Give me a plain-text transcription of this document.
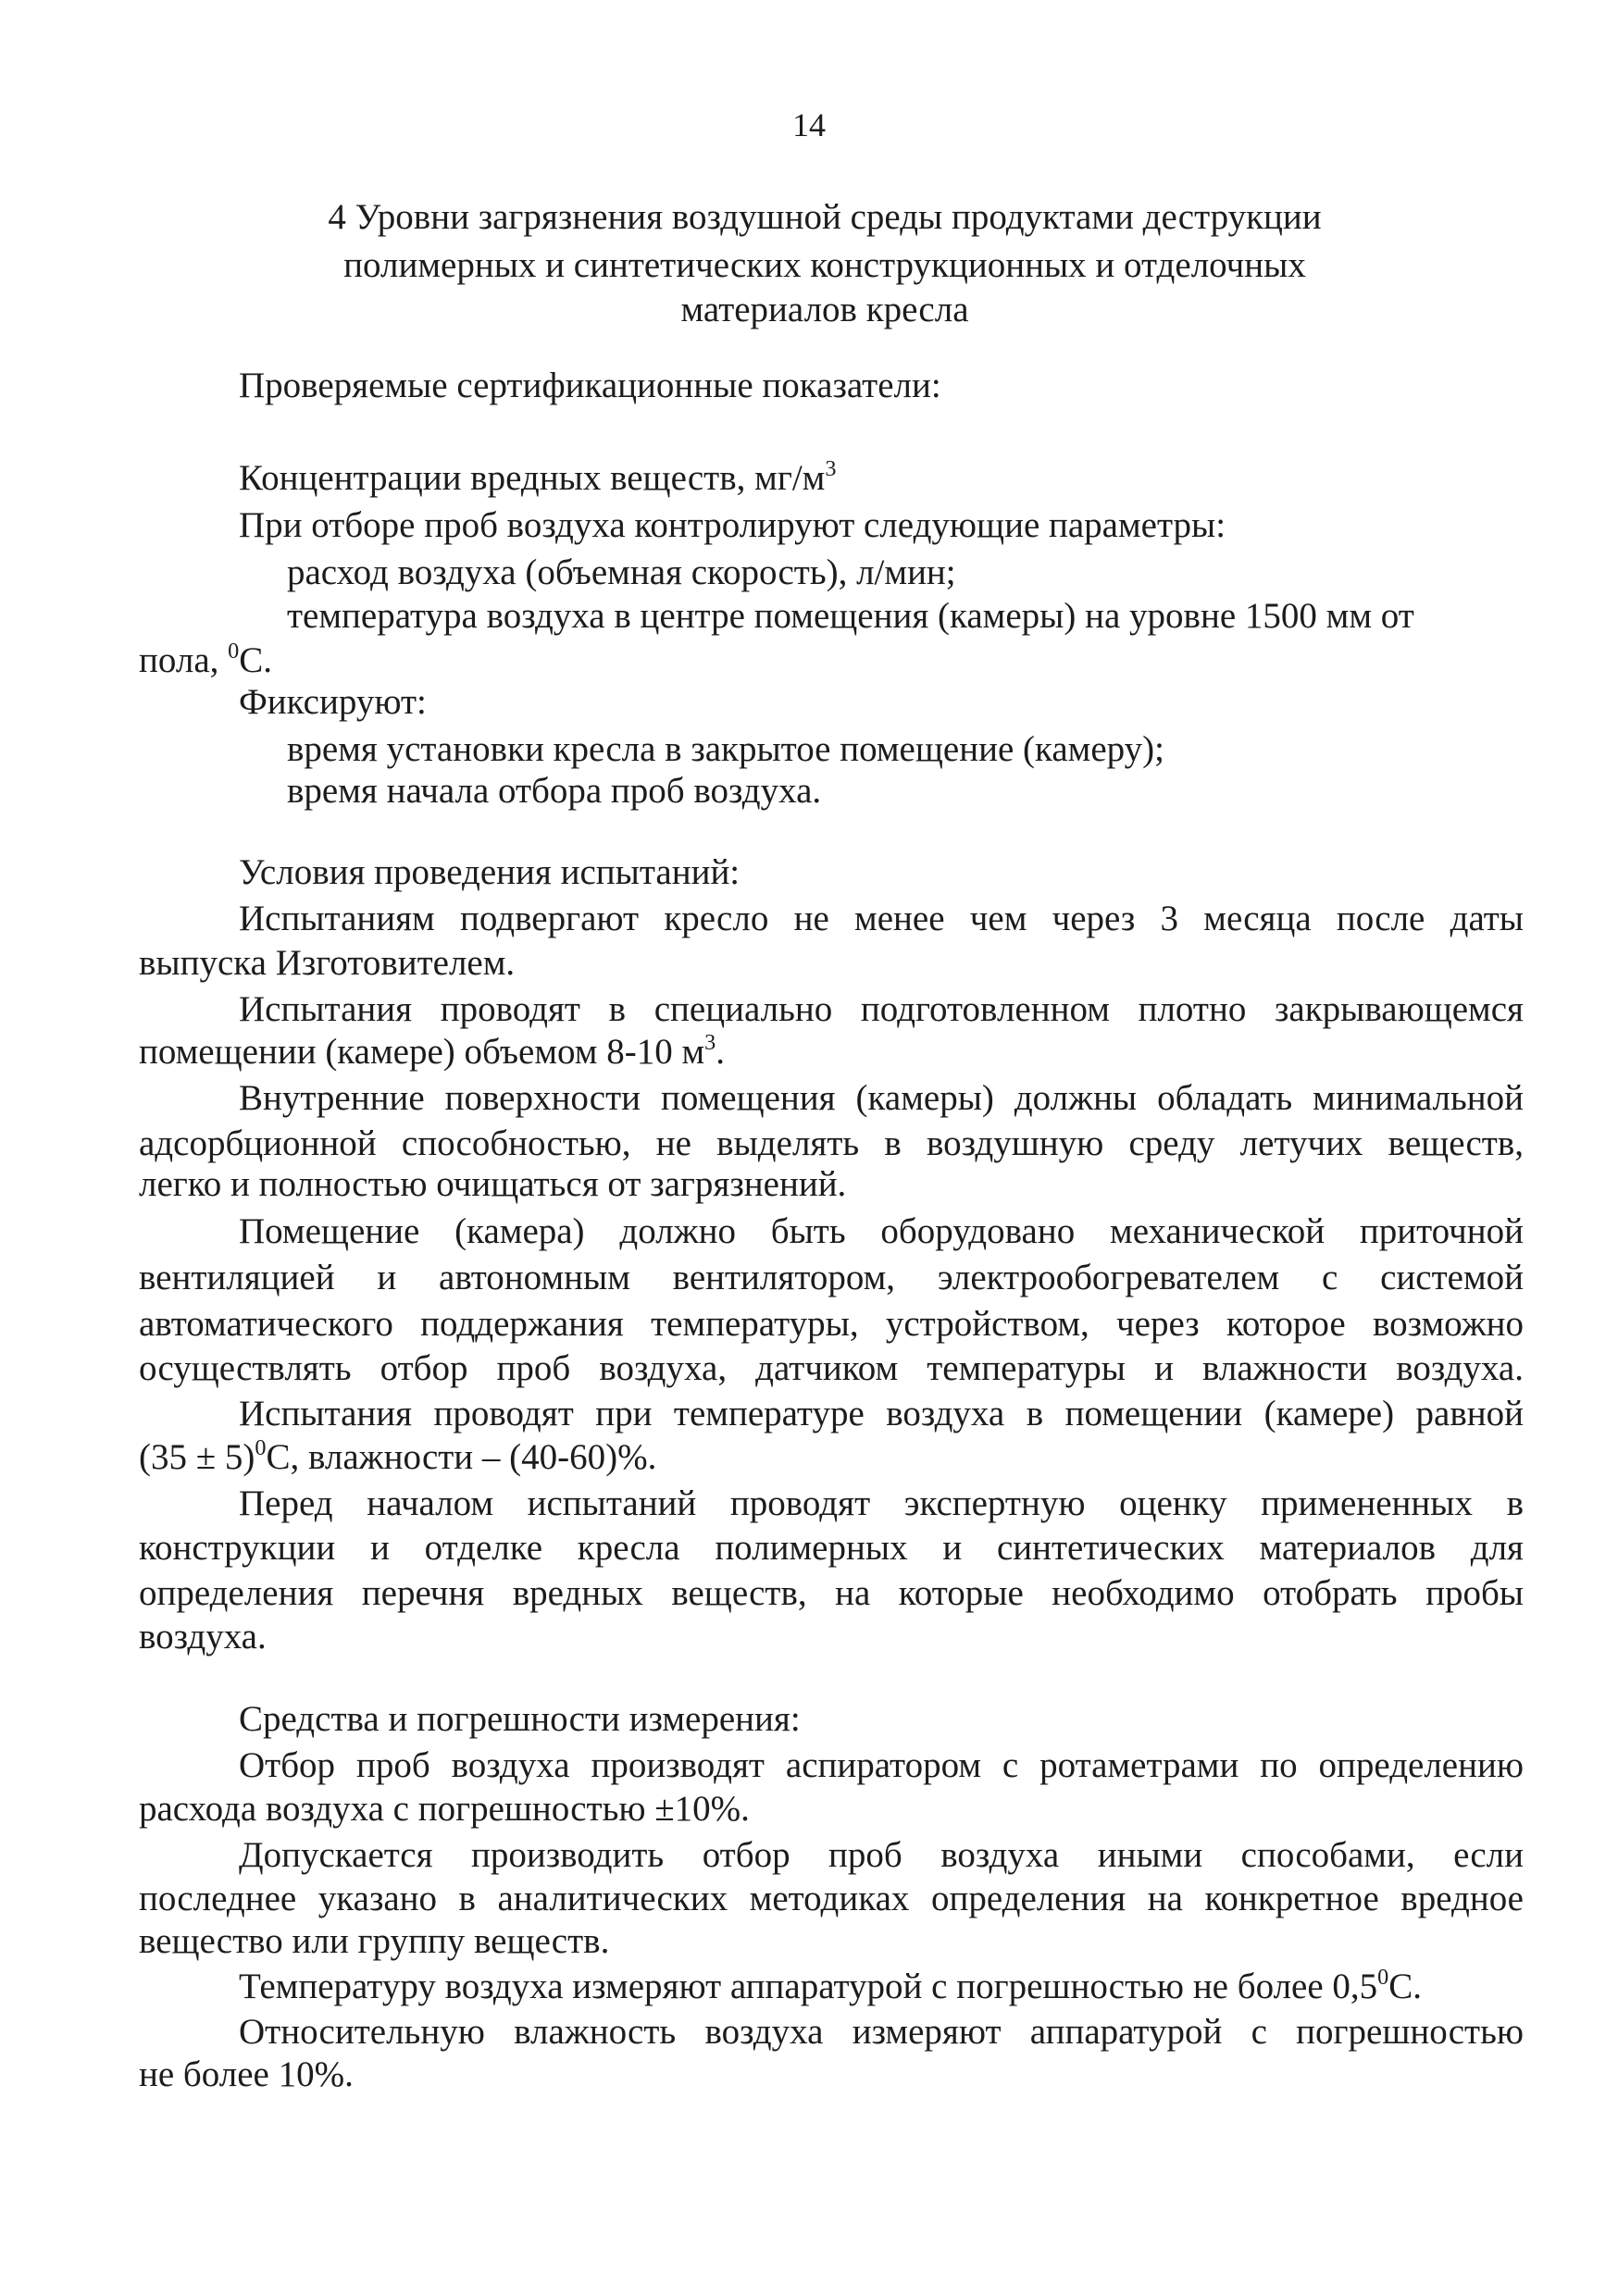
14
4 Уровни загрязнения воздушной среды продуктами деструкции
полимерных и синтетических конструкционных и отделочных
материалов кресла
Проверяемые сертификационные показатели:
Концентрации вредных веществ, $мг/м^3$
При отборе проб воздуха контролируют следующие параметры:
расход воздуха (объемная скорость), л/мин;
температура воздуха в центре помещения (камеры) на уровне 1500 мм от
пола, $^0$С.
Фиксируют:
время установки кресла в закрытое помещение (камеру);
время начала отбора проб воздуха.
Условия проведения испытаний:
Испытаниям подвергают кресло не менее чем через 3 месяца после даты
выпуска Изготовителем.
Испытания проводят в специально подготовленном плотно закрывающемся
помещении (камере) объемом 8-10 $м^3$.
Внутренние поверхности помещения (камеры) должны обладать минимальной
адсорбционной способностью, не выделять в воздушную среду летучих веществ,
легко и полностью очищаться от загрязнений.
Помещение (камера) должно быть оборудовано механической приточной
вентиляцией и автономным вентилятором, электрообогревателем с системой
автоматического поддержания температуры, устройством, через которое возможно
осуществлять отбор проб воздуха, датчиком температуры и влажности воздуха.
Испытания проводят при температуре воздуха в помещении (камере) равной
$(35 \pm 5)^0С$, влажности – (40-60)%.
Перед началом испытаний проводят экспертную оценку примененных в
конструкции и отделке кресла полимерных и синтетических материалов для
определения перечня вредных веществ, на которые необходимо отобрать пробы
воздуха.
Средства и погрешности измерения:
Отбор проб воздуха производят аспиратором с ротаметрами по определению
расхода воздуха с погрешностью ±10%.
Допускается производить отбор проб воздуха иными способами, если
последнее указано в аналитических методиках определения на конкретное вредное
вещество или группу веществ.
Температуру воздуха измеряют аппаратурой с погрешностью не более $0,5^0С$.
Относительную влажность воздуха измеряют аппаратурой с погрешностью
не более 10%.
